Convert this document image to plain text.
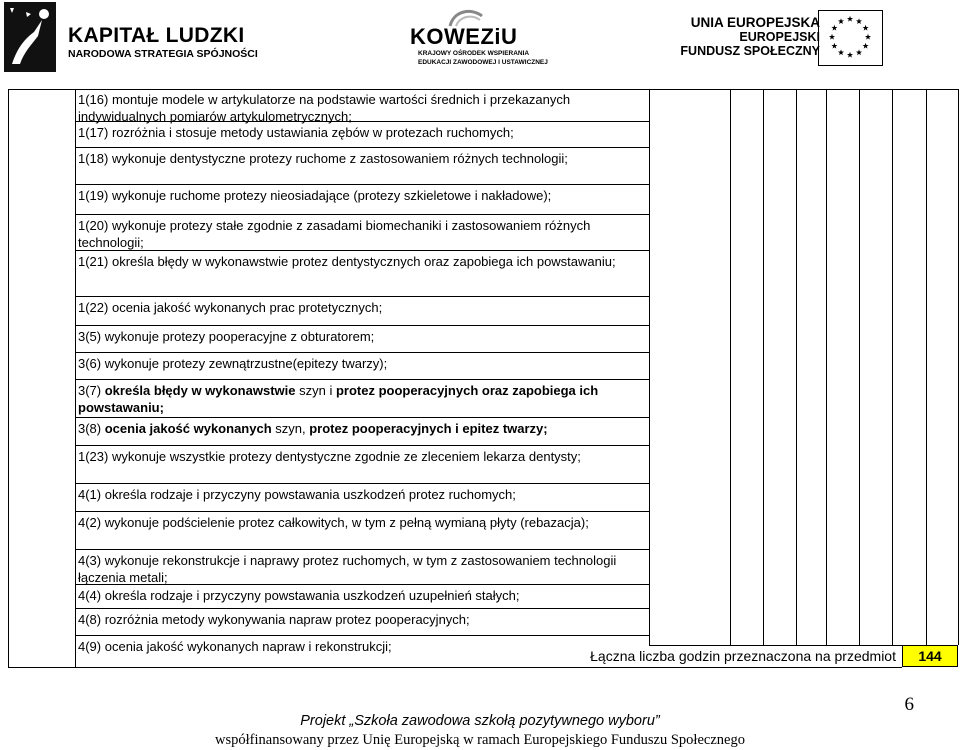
KAPITAŁ LUDZKI
NARODOWA STRATEGIA SPÓJNOŚCI
KOWEZiU
KRAJOWY OŚRODEK WSPIERANIA
EDUKACJI ZAWODOWEJ I USTAWICZNEJ
UNIA EUROPEJSKA
EUROPEJSKI
FUNDUSZ SPOŁECZNY
1(16) montuje modele w artykulatorze na podstawie wartości średnich i przekazanych indywidualnych pomiarów artykulometrycznych;
1(17) rozróżnia i stosuje metody ustawiania zębów w protezach ruchomych;
1(18) wykonuje dentystyczne protezy ruchome z zastosowaniem różnych technologii;
1(19) wykonuje ruchome protezy nieosiadające (protezy szkieletowe i nakładowe);
1(20) wykonuje protezy stałe zgodnie z zasadami biomechaniki i zastosowaniem różnych technologii;
1(21) określa błędy w wykonawstwie protez dentystycznych oraz zapobiega ich powstawaniu;
1(22) ocenia jakość wykonanych prac protetycznych;
3(5) wykonuje protezy pooperacyjne z obturatorem;
3(6) wykonuje protezy zewnątrzustne(epitezy twarzy);
3(7) określa błędy w wykonawstwie szyn i protez pooperacyjnych oraz zapobiega ich powstawaniu;
3(8) ocenia jakość wykonanych szyn, protez pooperacyjnych i epitez twarzy;
1(23) wykonuje wszystkie protezy dentystyczne zgodnie ze zleceniem lekarza dentysty;
4(1) określa rodzaje i przyczyny powstawania uszkodzeń protez ruchomych;
4(2) wykonuje podścielenie protez całkowitych, w tym z pełną wymianą płyty (rebazacja);
4(3) wykonuje rekonstrukcje i naprawy protez ruchomych, w tym z zastosowaniem technologii łączenia metali;
4(4) określa rodzaje i przyczyny powstawania uszkodzeń uzupełnień stałych;
4(8) rozróżnia metody wykonywania napraw protez pooperacyjnych;
4(9) ocenia jakość wykonanych napraw i rekonstrukcji;
Łączna liczba godzin przeznaczona na przedmiot	144
6
Projekt „Szkoła zawodowa szkołą pozytywnego wyboru”
współfinansowany przez Unię Europejską w ramach Europejskiego Funduszu Społecznego
